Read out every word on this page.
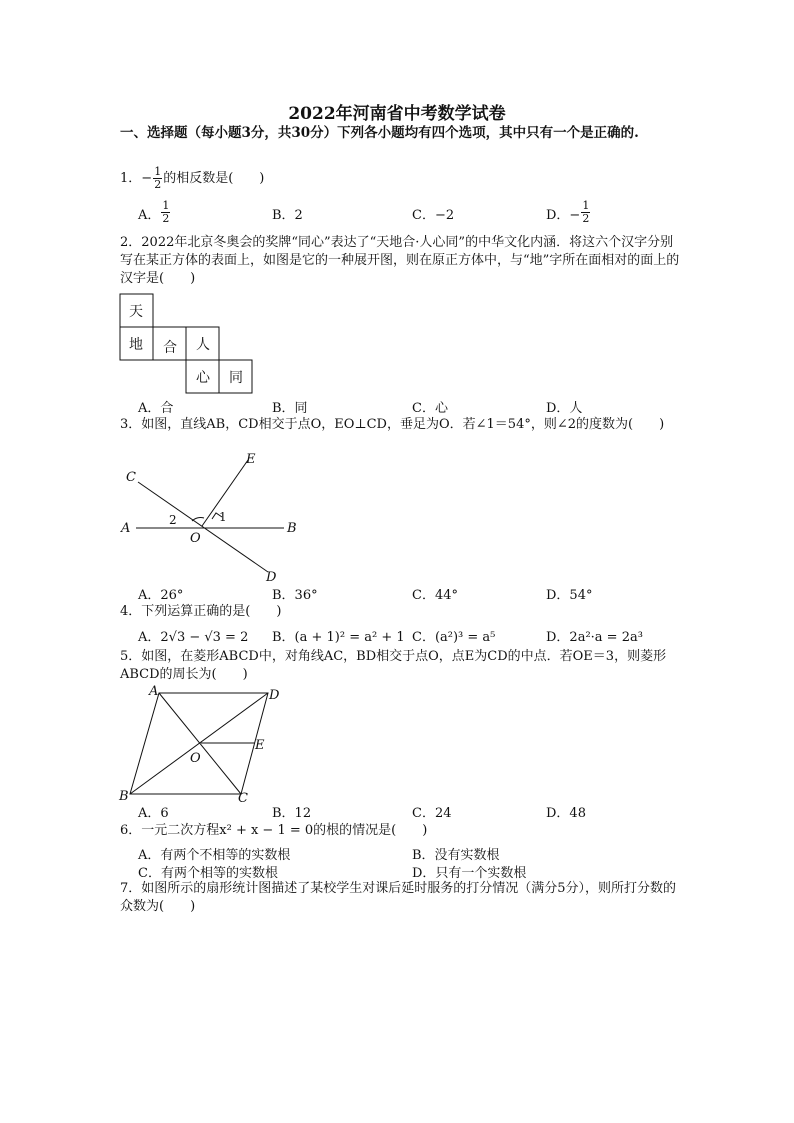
2022年河南省中考数学试卷
一、选择题（每小题3分，共30分）下列各小题均有四个选项，其中只有一个是正确的.
1．− $\frac{1}{2}$ 的相反数是(　　)
A． $\frac{1}{2}$	B．2	C．−2	D．− $\frac{1}{2}$
2．2022年北京冬奥会的奖牌“同心”表达了“天地合·人心同”的中华文化内涵．将这六个汉字分别写在某正方体的表面上，如图是它的一种展开图，则在原正方体中，与“地”字所在面相对的面上的汉字是(　　)
天
地 合 人
心 同
A．合	B．同	C．心	D．人
3．如图，直线AB，CD相交于点O，EO⊥CD，垂足为O．若∠1＝54°，则∠2的度数为(　　)
C
E
A	B
O
D
2	1
A．26°	B．36°	C．44°	D．54°
4．下列运算正确的是(　　)
A．2√3 − √3 = 2 B．(a + 1)² = a² + 1 C．(a²)³ = a⁵	D．2a²·a = 2a³
5．如图，在菱形ABCD中，对角线AC，BD相交于点O，点E为CD的中点．若OE＝3，则菱形ABCD的周长为(　　)
A	D
E
O
B	C
A．6	B．12	C．24	D．48
6．一元二次方程x² + x − 1 = 0的根的情况是(　　)
A．有两个不相等的实数根	B．没有实数根
C．有两个相等的实数根	D．只有一个实数根
7．如图所示的扇形统计图描述了某校学生对课后延时服务的打分情况（满分5分），则所打分数的众数为(　　)
